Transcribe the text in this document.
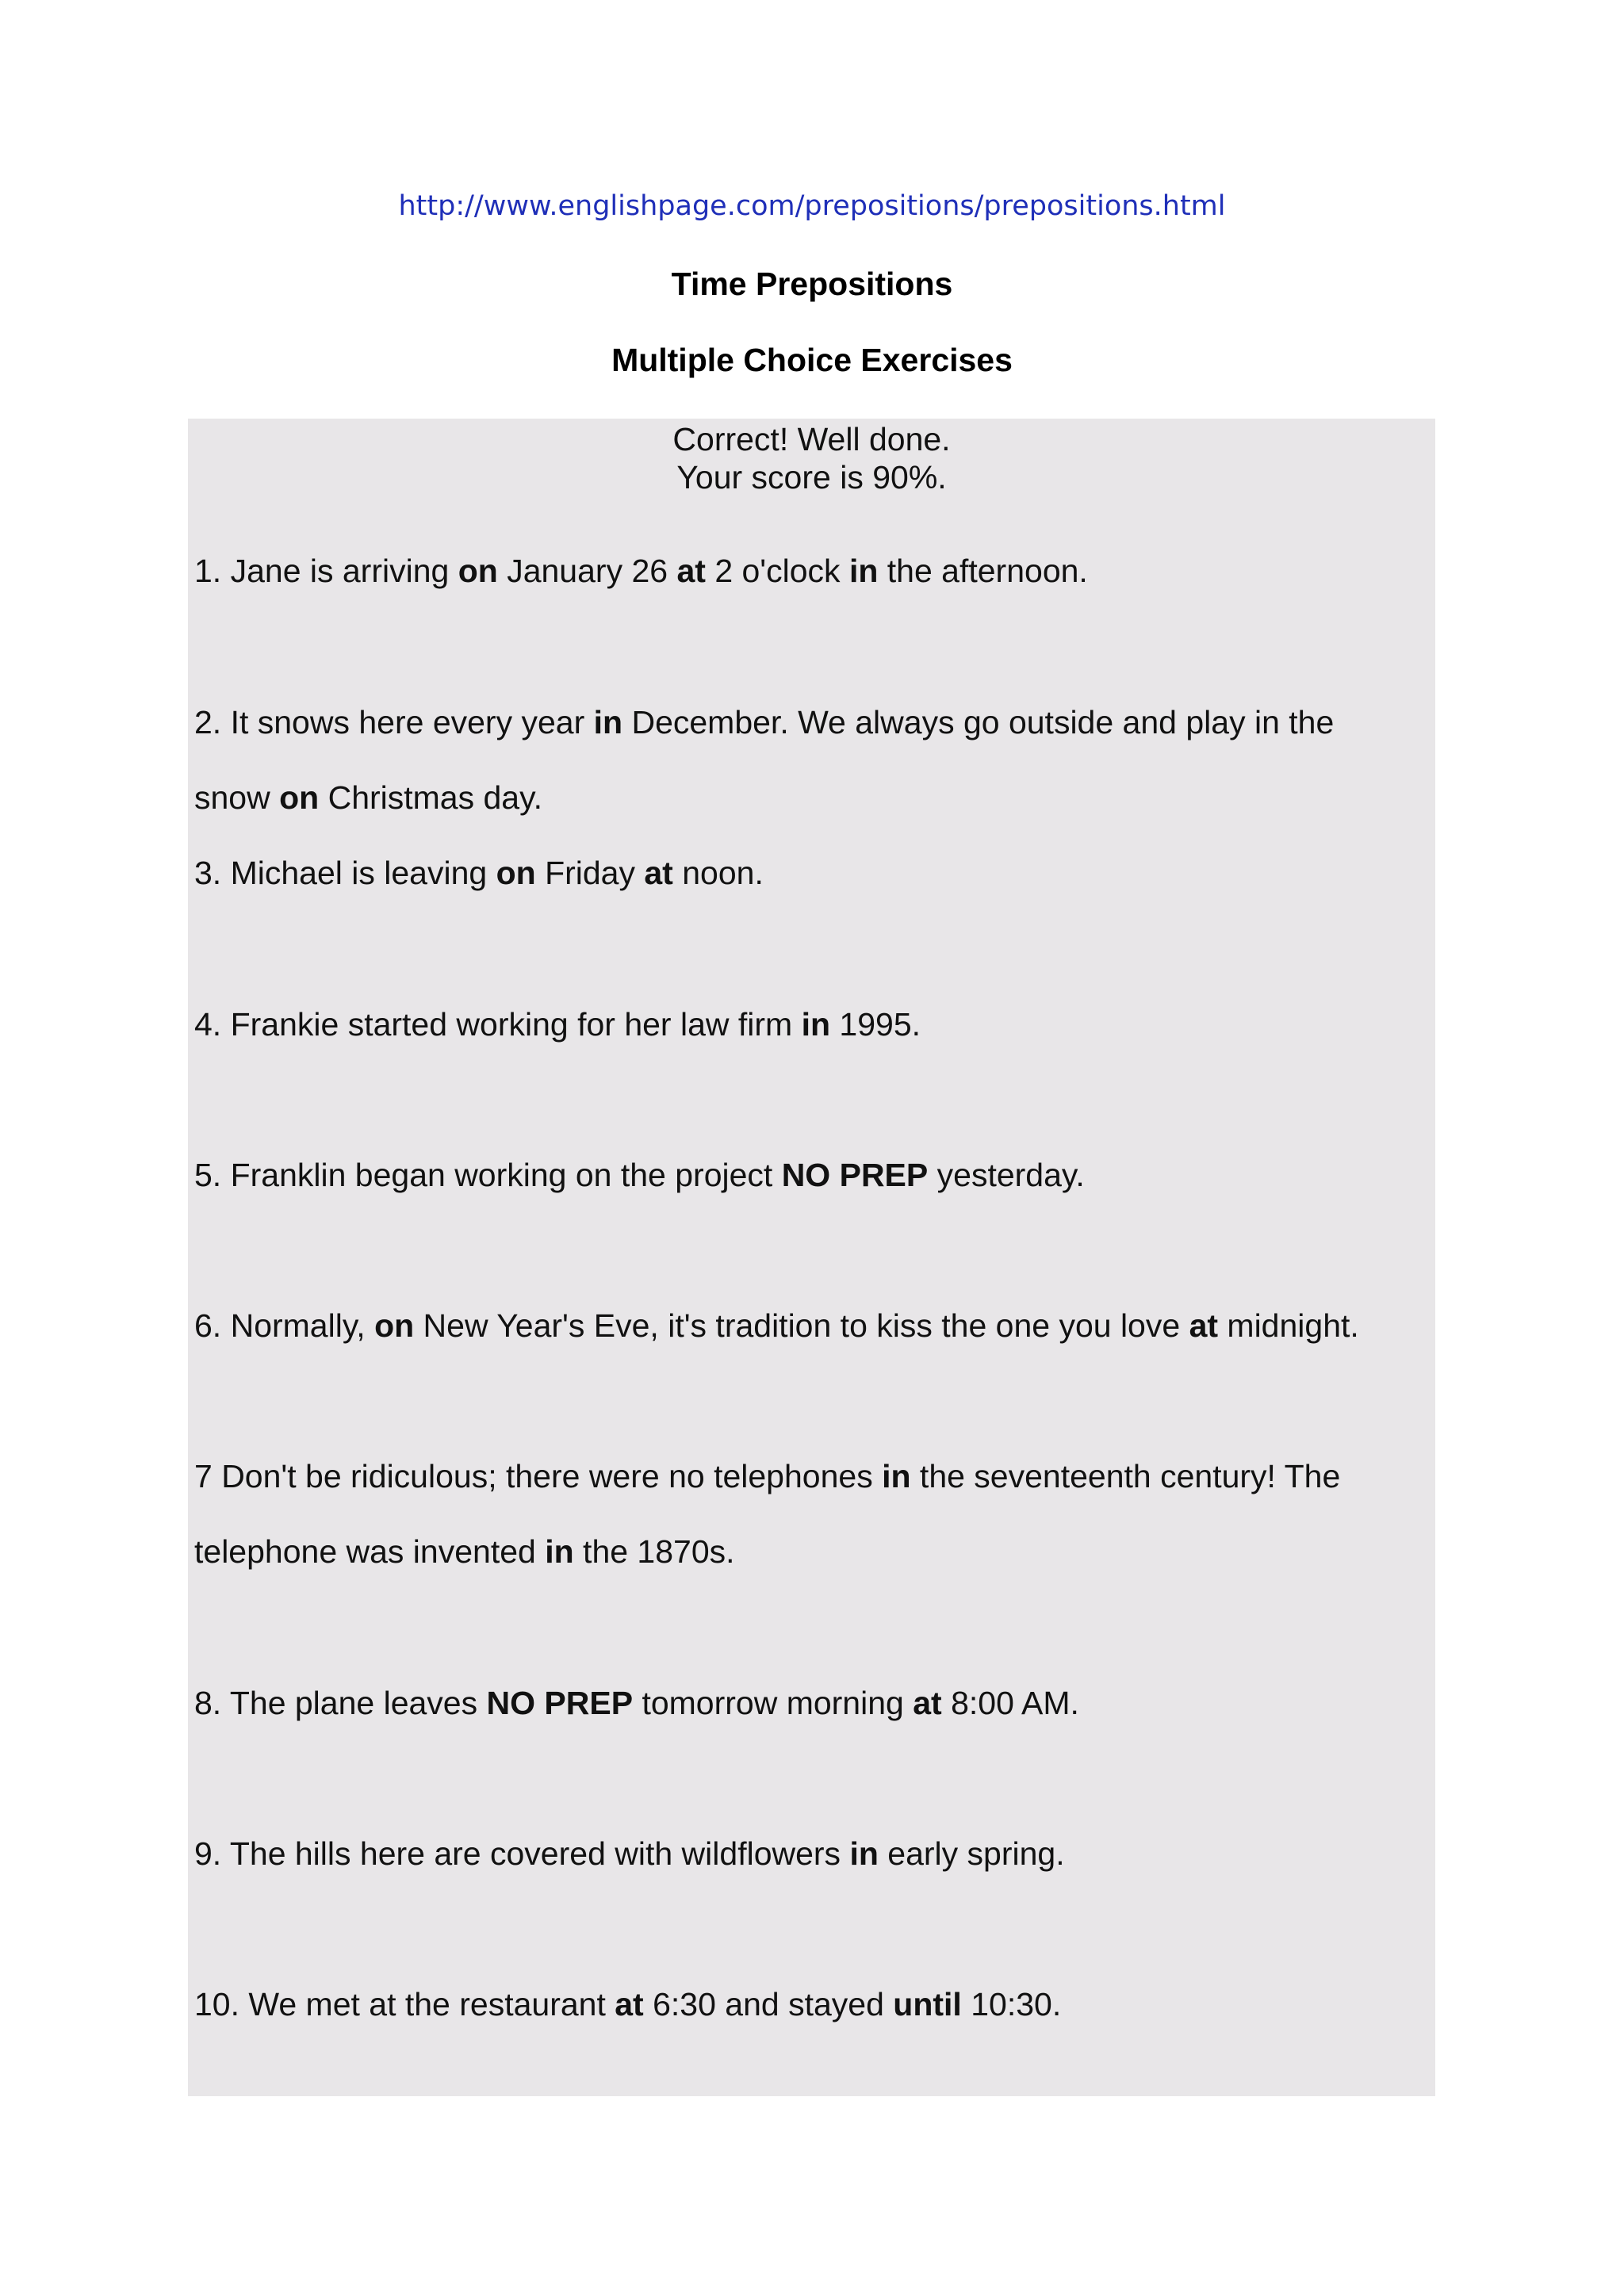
http://www.englishpage.com/prepositions/prepositions.html
Time Prepositions
Multiple Choice Exercises
Correct! Well done.
Your score is 90%.
1. Jane is arriving on January 26 at 2 o'clock in the afternoon.
2. It snows here every year in December. We always go outside and play in the
snow on Christmas day.
3. Michael is leaving on Friday at noon.
4. Frankie started working for her law firm in 1995.
5. Franklin began working on the project NO PREP yesterday.
6. Normally, on New Year's Eve, it's tradition to kiss the one you love at midnight.
7 Don't be ridiculous; there were no telephones in the seventeenth century! The
telephone was invented in the 1870s.
8. The plane leaves NO PREP tomorrow morning at 8:00 AM.
9. The hills here are covered with wildflowers in early spring.
10. We met at the restaurant at 6:30 and stayed until 10:30.
